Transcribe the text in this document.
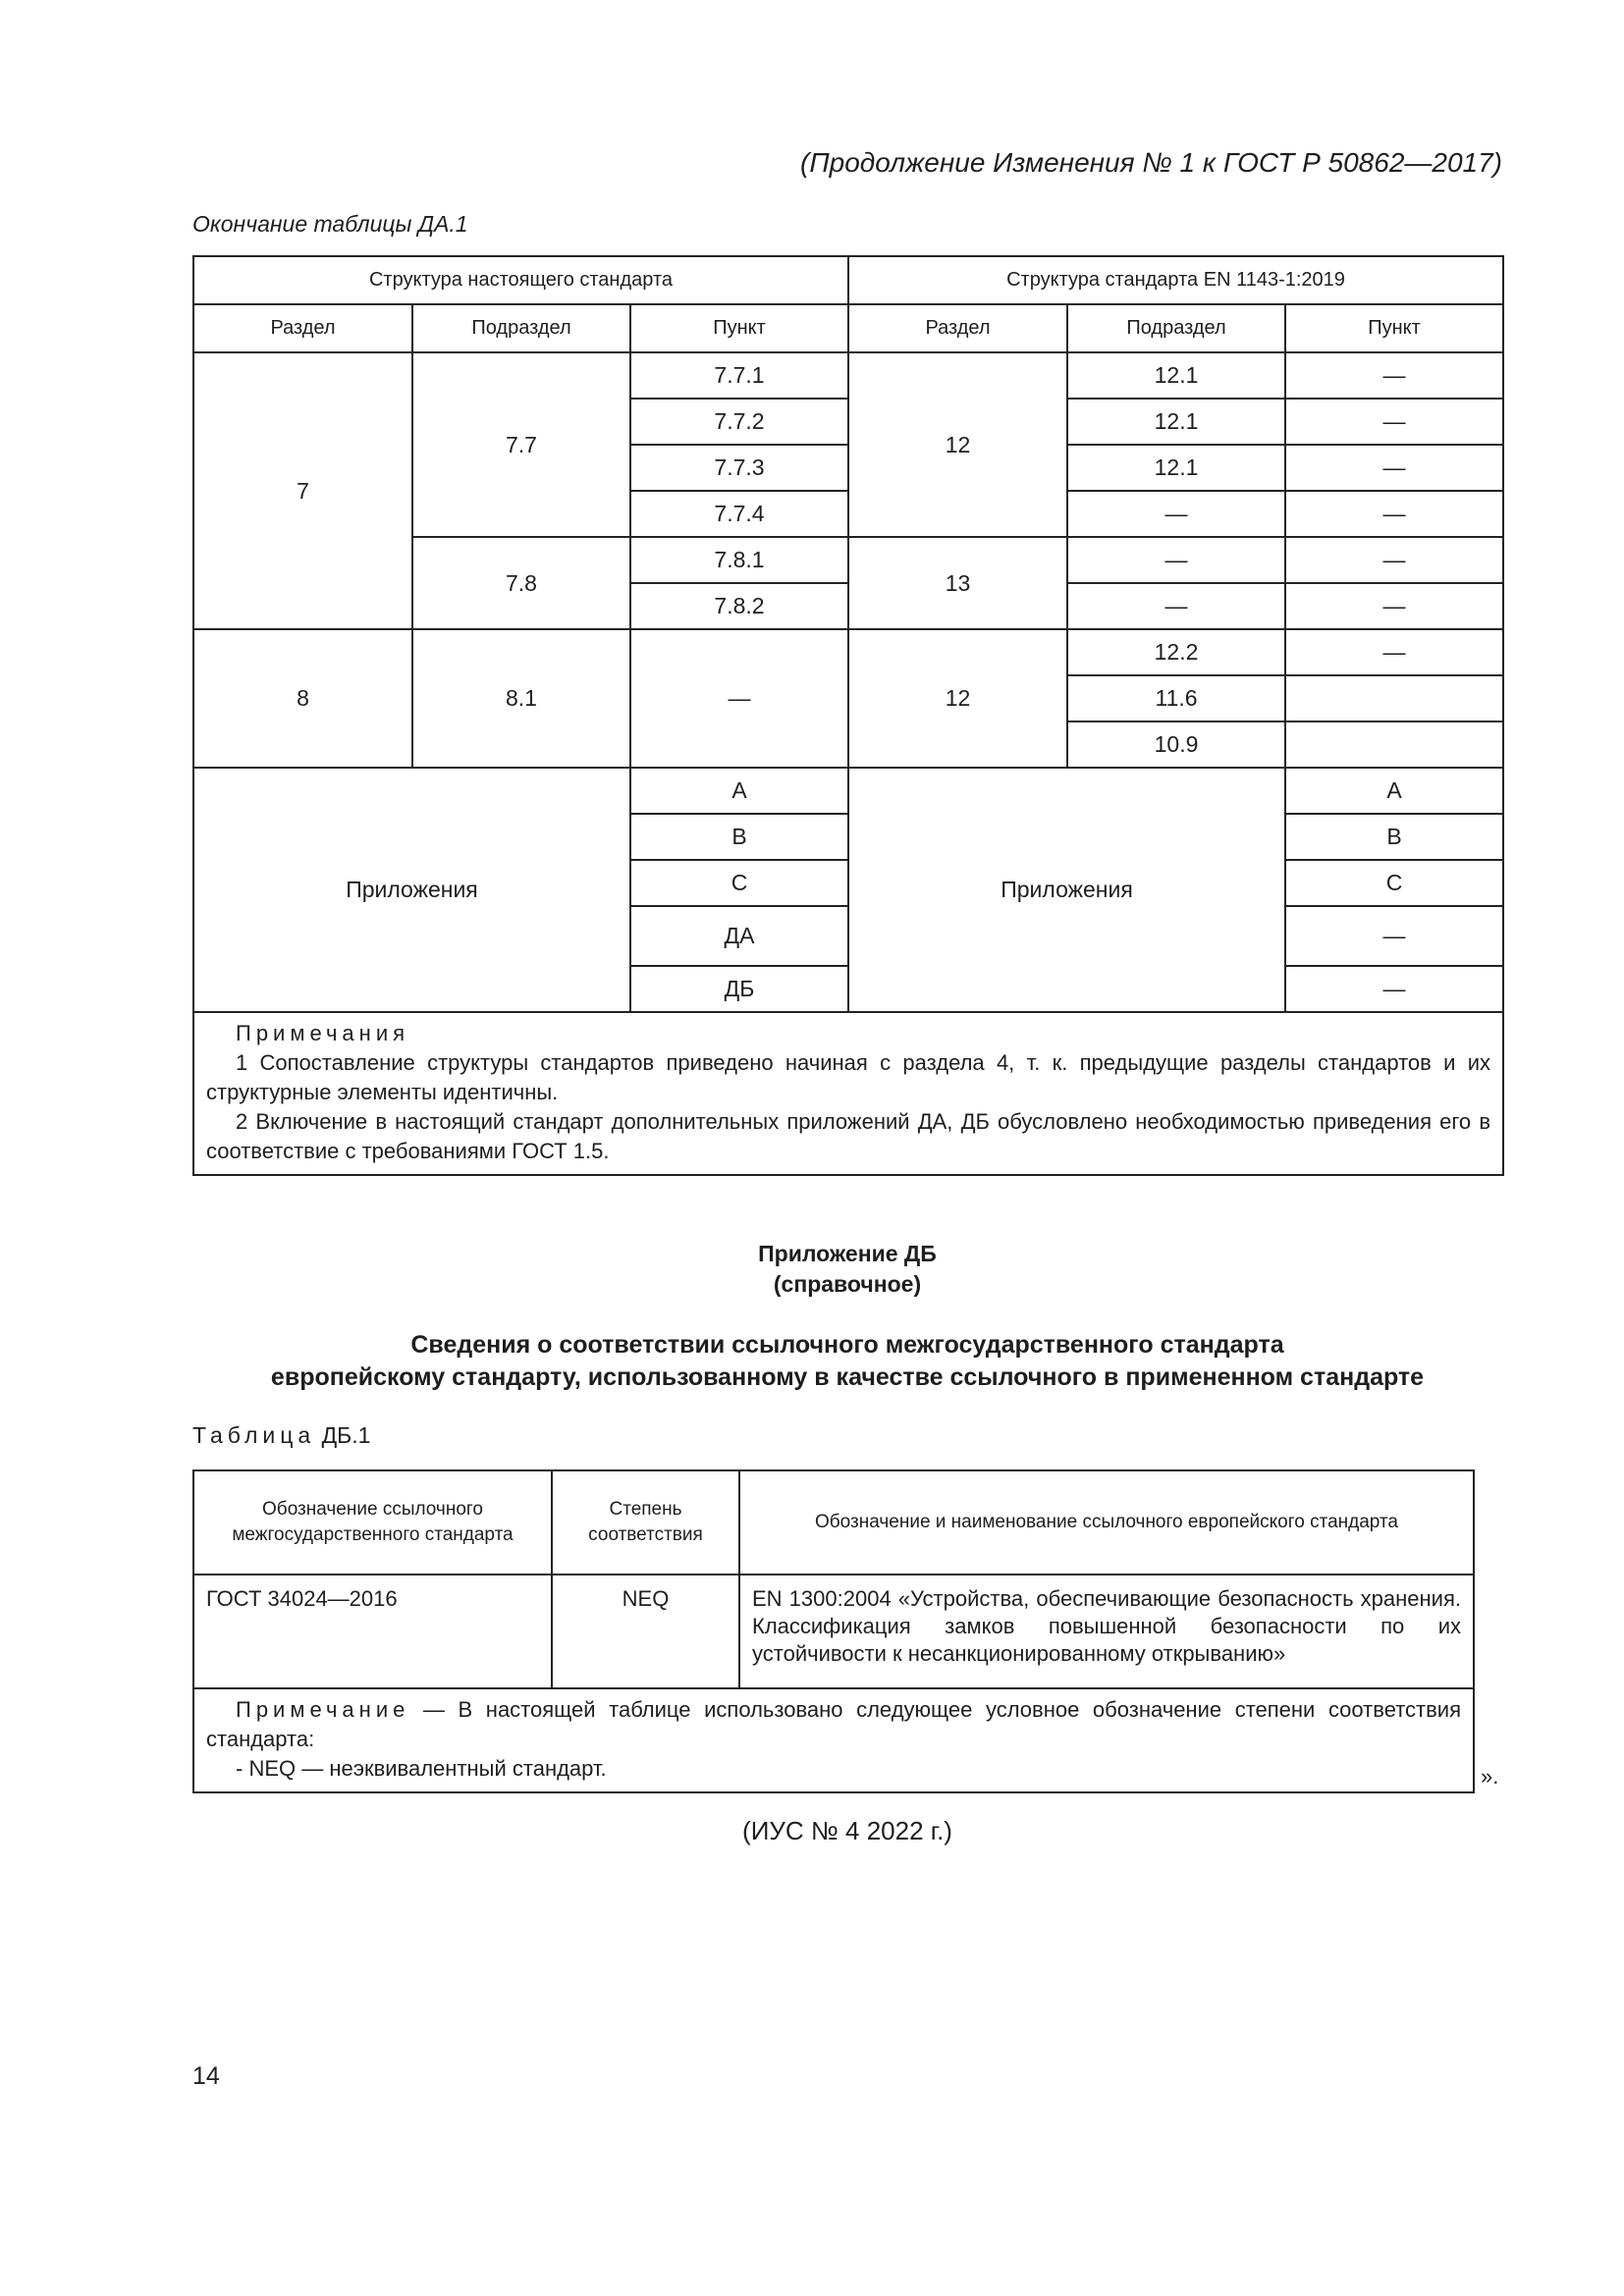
(Продолжение Изменения № 1 к ГОСТ Р 50862—2017)
Окончание таблицы ДА.1
Структура настоящего стандарта			Структура стандарта EN 1143-1:2019		
Раздел	Подраздел	Пункт	Раздел	Подраздел	Пункт
7	7.7	7.7.1	12	12.1	—
		7.7.2		12.1	—
		7.7.3		12.1	—
		7.7.4		—	—
	7.8	7.8.1	13	—	—
		7.8.2		—	—
8	8.1	—	12	12.2	—
				11.6	
				10.9	
Приложения		A	Приложения		A
		B			B
		C			C
		ДА			—
		ДБ			—

Примечания

1 Сопоставление структуры стандартов приведено начиная с раздела 4, т. к. предыдущие разделы стандартов и их структурные элементы идентичны.

2 Включение в настоящий стандарт дополнительных приложений ДА, ДБ обусловлено необходимостью приведения его в соответствие с требованиями ГОСТ 1.5.					

Приложение ДБ
(справочное)
Сведения о соответствии ссылочного межгосударственного стандарта
европейскому стандарту, использованному в качестве ссылочного в примененном стандарте
Таблица ДБ.1
Обозначение ссылочного межгосударственного стандарта	Степень соответствия	Обозначение и наименование ссылочного европейского стандарта
ГОСТ 34024—2016	NEQ	EN 1300:2004 «Устройства, обеспечивающие безопасность хранения. Классификация замков повышенной безопасности по их устойчивости к несанкционированному открыванию»

Примечание — В настоящей таблице использовано следующее условное обозначение степени соответствия стандарта:

- NEQ — неэквивалентный стандарт.			».
(ИУС № 4 2022 г.)
14
